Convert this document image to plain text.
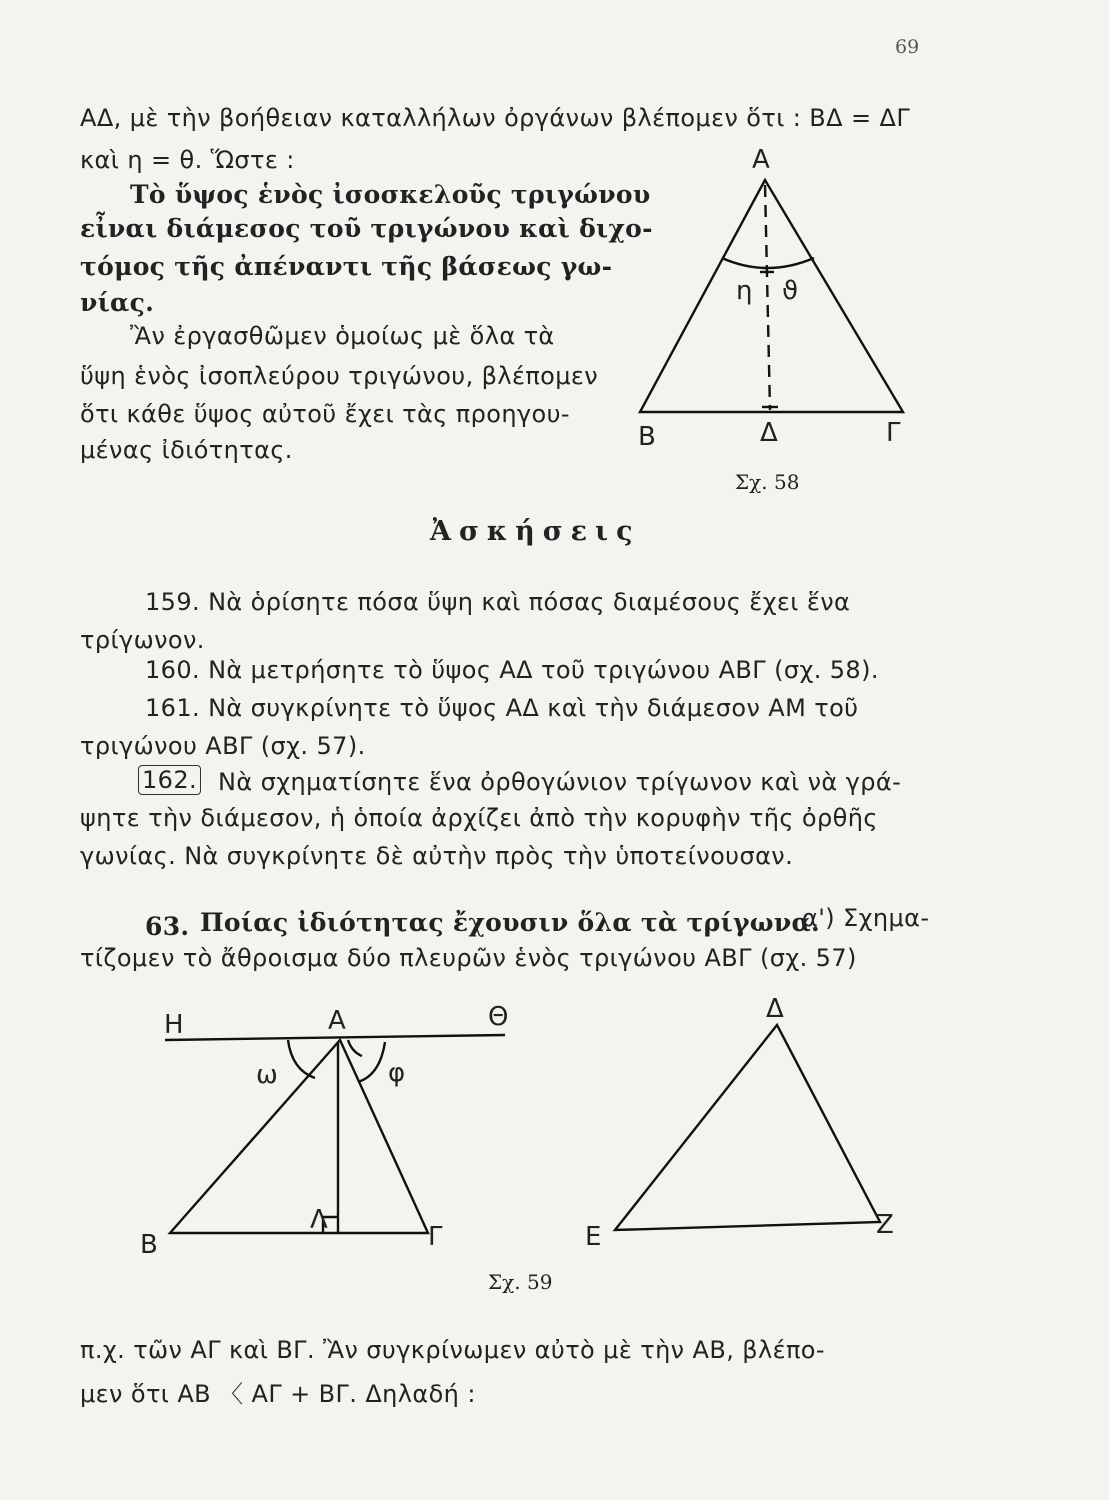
69
ΑΔ, μὲ τὴν βοήθειαν καταλλήλων ὀργάνων βλέπομεν ὅτι : ΒΔ = ΔΓ
καὶ η = θ. Ὥστε :
Τὸ ὕψος ἑνὸς ἰσοσκελοῦς τριγώνου
εἶναι διάμεσος τοῦ τριγώνου καὶ διχο-
τόμος τῆς ἀπέναντι τῆς βάσεως γω-
νίας.
Ἂν ἐργασθῶμεν ὁμοίως μὲ ὅλα τὰ
ὕψη ἑνὸς ἰσοπλεύρου τριγώνου, βλέπομεν
ὅτι κάθε ὕψος αὐτοῦ ἔχει τὰς προηγου-
μένας ἰδιότητας.
Α
Β	Δ	Γ
η ϑ
Σχ. 58
Ἀσκήσεις
159. Νὰ ὁρίσητε πόσα ὕψη καὶ πόσας διαμέσους ἔχει ἕνα
τρίγωνον.
160. Νὰ μετρήσητε τὸ ὕψος ΑΔ τοῦ τριγώνου ΑΒΓ (σχ. 58).
161. Νὰ συγκρίνητε τὸ ὕψος ΑΔ καὶ τὴν διάμεσον ΑΜ τοῦ
τριγώνου ΑΒΓ (σχ. 57).
162. Νὰ σχηματίσητε ἕνα ὀρθογώνιον τρίγωνον καὶ νὰ γρά-
ψητε τὴν διάμεσον, ἡ ὁποία ἀρχίζει ἀπὸ τὴν κορυφὴν τῆς ὀρθῆς
γωνίας. Νὰ συγκρίνητε δὲ αὐτὴν πρὸς τὴν ὑποτείνουσαν.
63. Ποίας ἰδιότητας ἔχουσιν ὅλα τὰ τρίγωνα.
α') Σχημα-
τίζομεν τὸ ἄθροισμα δύο πλευρῶν ἑνὸς τριγώνου ΑΒΓ (σχ. 57)
Η	Α	Θ
ω	φ
Β
Λ
Γ
Δ
Ε	Ζ
Σχ. 59
π.χ. τῶν ΑΓ καὶ ΒΓ. Ἂν συγκρίνωμεν αὐτὸ μὲ τὴν ΑΒ, βλέπο-
μεν ὅτι ΑΒ 〈 ΑΓ + ΒΓ. Δηλαδή :
